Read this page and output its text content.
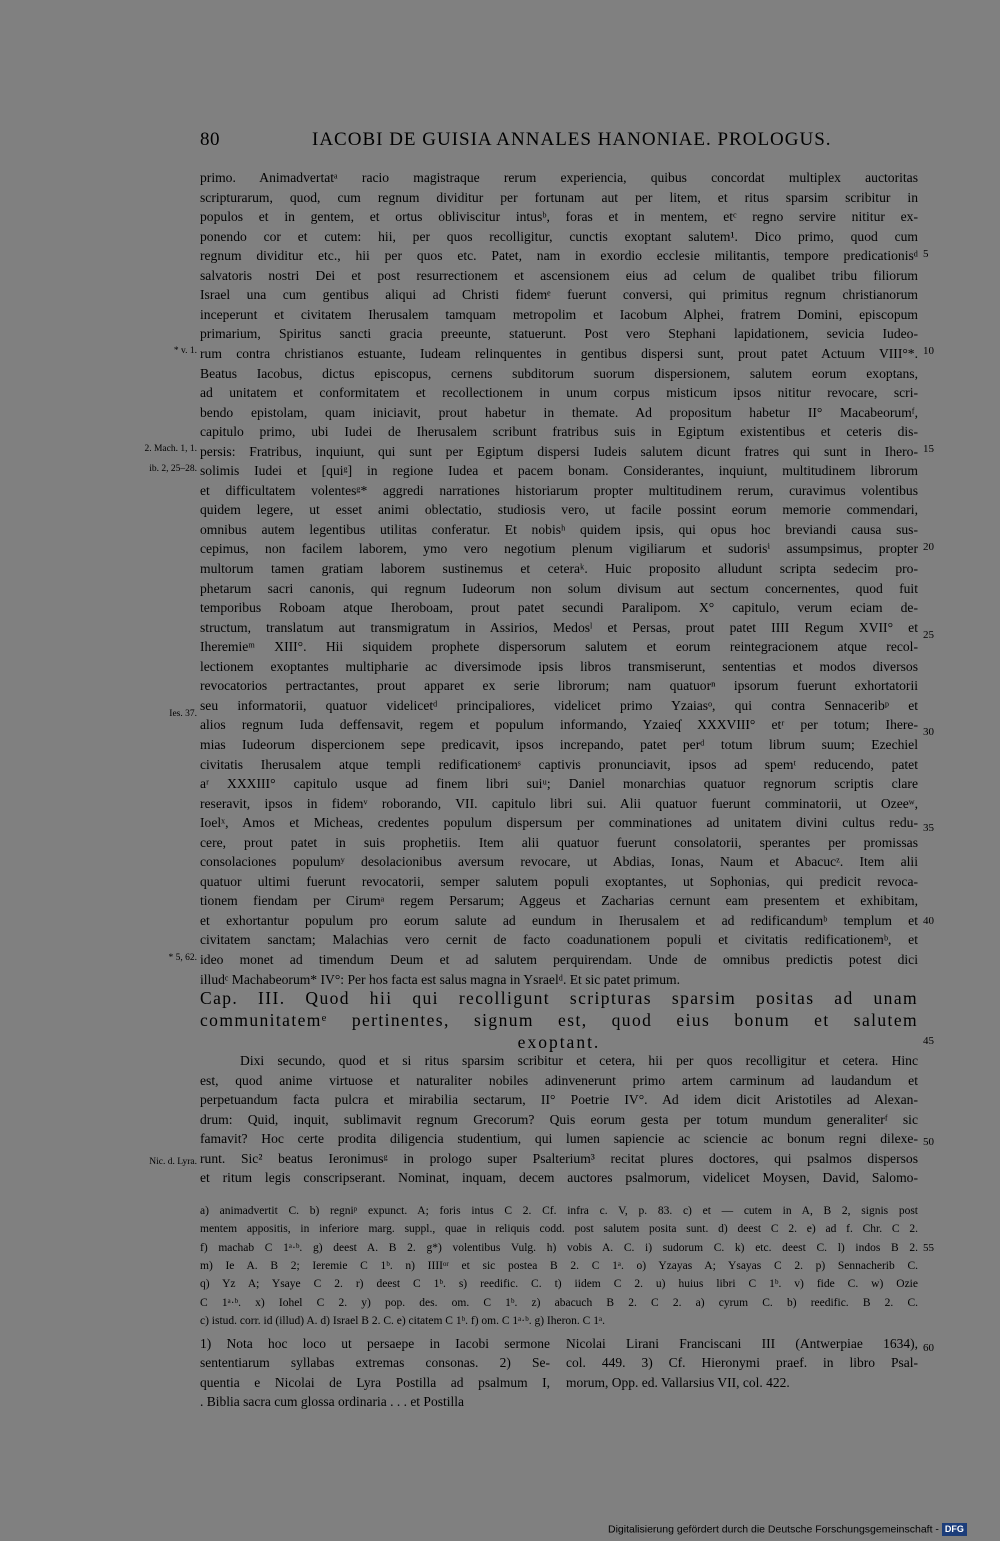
80	IACOBI DE GUISIA ANNALES HANONIAE. PROLOGUS.
primo. Animadvertatᵃ racio magistraque rerum experiencia, quibus concordat multiplex auctoritas
scripturarum, quod, cum regnum dividitur per fortunam aut per litem, et ritus sparsim scribitur in
populos et in gentem, et ortus obliviscitur intusᵇ, foras et in mentem, etᶜ regno servire nititur ex-
ponendo cor et cutem: hii, per quos recolligitur, cunctis exoptant salutem¹. Dico primo, quod cum
regnum dividitur etc., hii per quos etc. Patet, nam in exordio ecclesie militantis, tempore predicationisᵈ
salvatoris nostri Dei et post resurrectionem et ascensionem eius ad celum de qualibet tribu filiorum
Israel una cum gentibus aliqui ad Christi fidemᵉ fuerunt conversi, qui primitus regnum christianorum
inceperunt et civitatem Iherusalem tamquam metropolim et Iacobum Alphei, fratrem Domini, episcopum
primarium, Spiritus sancti gracia preeunte, statuerunt. Post vero Stephani lapidationem, sevicia Iudeo-
rum contra christianos estuante, Iudeam relinquentes in gentibus dispersi sunt, prout patet Actuum VIII°*.
Beatus Iacobus, dictus episcopus, cernens subditorum suorum dispersionem, salutem eorum exoptans,
ad unitatem et conformitatem et recollectionem in unum corpus misticum ipsos nititur revocare, scri-
bendo epistolam, quam iniciavit, prout habetur in themate. Ad propositum habetur II° Macabeorumᶠ,
capitulo primo, ubi Iudei de Iherusalem scribunt fratribus suis in Egiptum existentibus et ceteris dis-
persis: Fratribus, inquiunt, qui sunt per Egiptum dispersi Iudeis salutem dicunt fratres qui sunt in Ihero-
solimis Iudei et [quiᵍ] in regione Iudea et pacem bonam. Considerantes, inquiunt, multitudinem librorum
et difficultatem volentesᵍ* aggredi narrationes historiarum propter multitudinem rerum, curavimus volentibus
quidem legere, ut esset animi oblectatio, studiosis vero, ut facile possint eorum memorie commendari,
omnibus autem legentibus utilitas conferatur. Et nobisʰ quidem ipsis, qui opus hoc breviandi causa sus-
cepimus, non facilem laborem, ymo vero negotium plenum vigiliarum et sudorisⁱ assumpsimus, propter
multorum tamen gratiam laborem sustinemus et ceteraᵏ. Huic proposito alludunt scripta sedecim pro-
phetarum sacri canonis, qui regnum Iudeorum non solum divisum aut sectum concernentes, quod fuit
temporibus Roboam atque Iheroboam, prout patet secundi Paralipom. X° capitulo, verum eciam de-
structum, translatum aut transmigratum in Assirios, Medosˡ et Persas, prout patet IIII Regum XVII° et
Iheremieᵐ XIII°. Hii siquidem prophete dispersorum salutem et eorum reintegracionem atque recol-
lectionem exoptantes multipharie ac diversimode ipsis libros transmiserunt, sententias et modos diversos
revocatorios pertractantes, prout apparet ex serie librorum; nam quatuorⁿ ipsorum fuerunt exhortatorii
seu informatorii, quatuor videlicetᵈ principaliores, videlicet primo Yzaiasᵒ, qui contra Sennaceribᵖ et
alios regnum Iuda deffensavit, regem et populum informando, Yzaieʠ XXXVIII° etʳ per totum; Ihere-
mias Iudeorum dispercionem sepe predicavit, ipsos increpando, patet perᵈ totum librum suum; Ezechiel
civitatis Iherusalem atque templi redificationemˢ captivis pronunciavit, ipsos ad spemᵗ reducendo, patet
aʳ XXXIII° capitulo usque ad finem libri suiᵘ; Daniel monarchias quatuor regnorum scriptis clare
reseravit, ipsos in fidemᵛ roborando, VII. capitulo libri sui. Alii quatuor fuerunt comminatorii, ut Ozeeʷ,
Ioelˣ, Amos et Micheas, credentes populum dispersum per comminationes ad unitatem divini cultus redu-
cere, prout patet in suis prophetiis. Item alii quatuor fuerunt consolatorii, sperantes per promissas
consolaciones populumʸ desolacionibus aversum revocare, ut Abdias, Ionas, Naum et Abacucᶻ. Item alii
quatuor ultimi fuerunt revocatorii, semper salutem populi exoptantes, ut Sophonias, qui predicit revoca-
tionem fiendam per Cirumᵃ regem Persarum; Aggeus et Zacharias cernunt eam presentem et exhibitam,
et exhortantur populum pro eorum salute ad eundum in Iherusalem et ad redificandumᵇ templum et
civitatem sanctam; Malachias vero cernit de facto coadunationem populi et civitatis redificationemᵇ, et
ideo monet ad timendum Deum et ad salutem perquirendam. Unde de omnibus predictis potest dici
illudᶜ Machabeorum* IV°: Per hos facta est salus magna in Ysraelᵈ. Et sic patet primum.
5
10
15
20
25
30
35
40
45
50
55
60
* v. 1.
2. Mach. 1, 1.
ib. 2, 25–28.
Ies. 37.
* 5, 62.
Nic. d. Lyra.
Cap. III. Quod hii qui recolligunt scripturas sparsim positas ad unam
communitatemᵉ pertinentes, signum est, quod eius bonum et salutem
exoptant.
Dixi secundo, quod et si ritus sparsim scribitur et cetera, hii per quos recolligitur et cetera. Hinc
est, quod anime virtuose et naturaliter nobiles adinvenerunt primo artem carminum ad laudandum et
perpetuandum facta pulcra et mirabilia sectarum, II° Poetrie IV°. Ad idem dicit Aristotiles ad Alexan-
drum: Quid, inquit, sublimavit regnum Grecorum? Quis eorum gesta per totum mundum generaliterᶠ sic
famavit? Hoc certe prodita diligencia studentium, qui lumen sapiencie ac sciencie ac bonum regni dilexe-
runt. Sic² beatus Ieronimusᵍ in prologo super Psalterium³ recitat plures doctores, qui psalmos dispersos
et ritum legis conscripserant. Nominat, inquam, decem auctores psalmorum, videlicet Moysen, David, Salomo-
a) animadvertit C. b) regniᵖ expunct. A; foris intus C 2. Cf. infra c. V, p. 83. c) et — cutem in A, B 2, signis post
mentem appositis, in inferiore marg. suppl., quae in reliquis codd. post salutem posita sunt. d) deest C 2. e) ad f. Chr. C 2.
f) machab C 1ᵃ·ᵇ. g) deest A. B 2. g*) volentibus Vulg. h) vobis A. C. i) sudorum C. k) etc. deest C. l) indos B 2.
m) Ie A. B 2; Ieremie C 1ᵇ. n) IIIIᵒʳ et sic postea B 2. C 1ᵃ. o) Yzayas A; Ysayas C 2. p) Sennacherib C.
q) Yz A; Ysaye C 2. r) deest C 1ᵇ. s) reedific. C. t) iidem C 2. u) huius libri C 1ᵇ. v) fide C. w) Ozie
C 1ᵃ·ᵇ. x) Iohel C 2. y) pop. des. om. C 1ᵇ. z) abacuch B 2. C 2. a) cyrum C. b) reedific. B 2. C.
c) istud. corr. id (illud) A. d) Israel B 2. C. e) citatem C 1ᵇ. f) om. C 1ᵃ·ᵇ. g) Iheron. C 1ᵃ.
1) Nota hoc loco ut persaepe in Iacobi sermone
sententiarum syllabas extremas consonas. 2) Se-
quentia e Nicolai de Lyra Postilla ad psalmum I,
. Biblia sacra cum glossa ordinaria . . . et Postilla
Nicolai Lirani Franciscani III (Antwerpiae 1634),
col. 449. 3) Cf. Hieronymi praef. in libro Psal-
morum, Opp. ed. Vallarsius VII, col. 422.
Digitalisierung gefördert durch die Deutsche Forschungsgemeinschaft - DFG
